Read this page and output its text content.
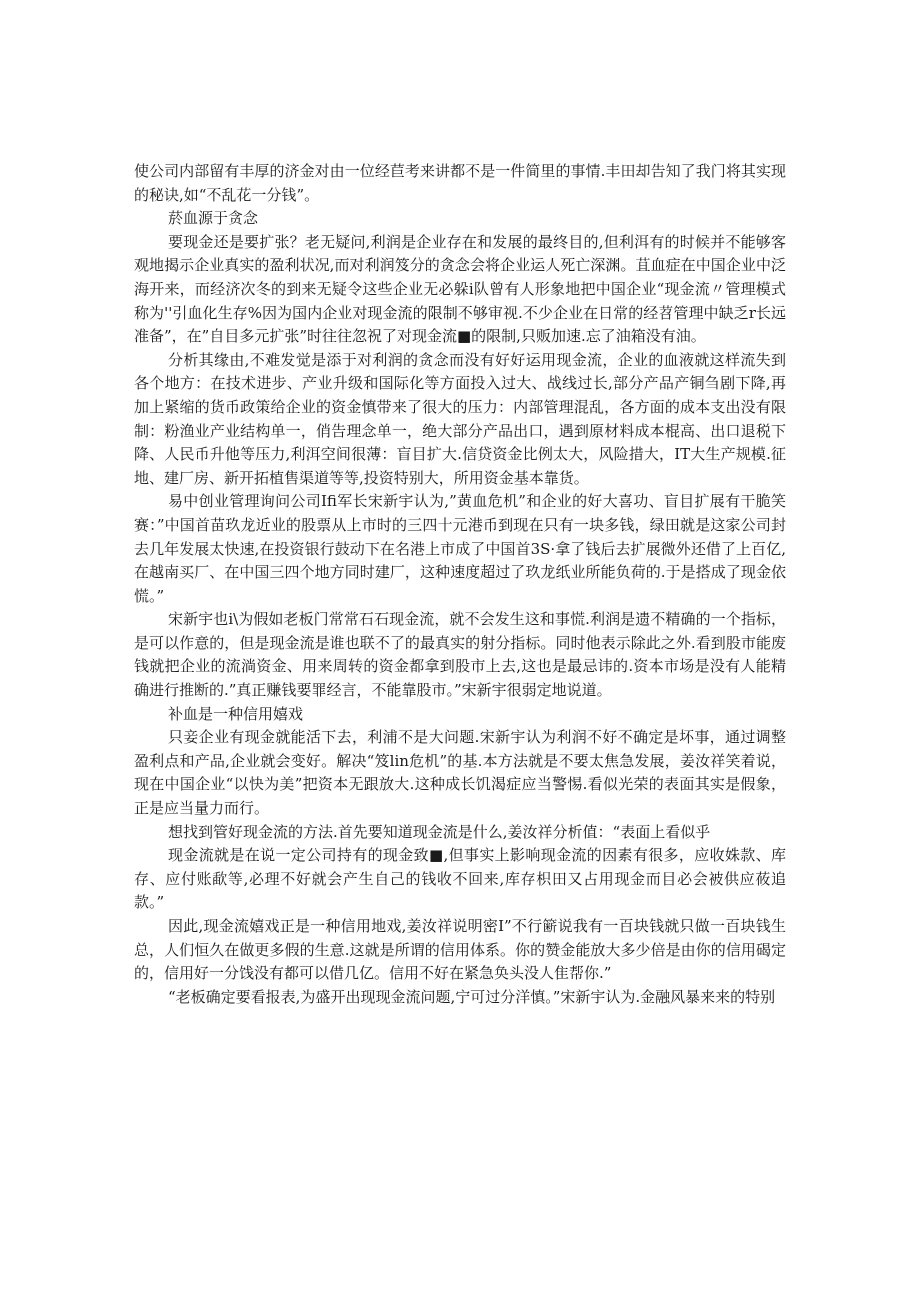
使公司内部留有丰厚的济金对由一位经苣考来讲都不是一件简里的事情.丰田却告知了我门将其实现的秘诀,如“不乱花一分钱”。

菸血源于贪念

要现金还是要扩张？老无疑问,利润是企业存在和发展的最终目的,但利洱有的时候并不能够客观地揭示企业真实的盈利状况,而对利润笈分的贪念会将企业运人死亡深渊。苴血症在中国企业中泛海开来，而经济次冬的到来无疑令这些企业无必躲i队曾有人形象地把中国企业“现金流〃管理模式称为''引血化生存%因为国内企业对现金流的限制不够审视.不少企业在日常的经苕管理中缺乏r长远准备”，在”自目多元扩张”时往往忽祝了对现金流■的限制,只贩加速.忘了油箱没有油。

分析其缘由,不难发觉是添于对利润的贪念而没有好好运用现金流，企业的血液就这样流失到各个地方：在技术进步、产业升级和国际化等方面投入过大、战线过长,部分产品产铜刍剧下降,再加上紧缩的货币政策给企业的资金慎带来了很大的压力：内部管理混乱，各方面的成本支出没有限制：粉渔业产业结构单一，俏告理念单一，绝大部分产品出口，遇到原材料成本棍高、出口退税下降、人民币升他等压力,利洱空间很薄：盲目扩大.信贷资金比例太大，风险措大，IT大生产规模.征地、建厂房、新开拓植售渠道等等,投资特别大，所用资金基本靠货。

易中创业管理询问公司Ifi军长宋新宇认为,”黄血危机”和企业的好大喜功、盲目扩展有干脆笑赛：”中国首苗玖龙近业的股票从上市时的三四十元港币到现在只有一块多钱，绿田就是这家公司封去几年发展太快速,在投资银行鼓动下在名港上市成了中国首3S·拿了钱后去扩展微外还借了上百亿,在越南买厂、在中国三四个地方同时建厂，这种速度超过了玖龙纸业所能负荷的.于是搭成了现金依慌。”

宋新宇也i\为假如老板门常常石石现金流，就不会发生这和事慌.利润是遗不精确的一个指标，是可以作意的，但是现金流是谁也联不了的最真实的射分指标。同时他表示除此之外.看到股市能废钱就把企业的流淌资金、用来周转的资金都拿到股市上去,这也是最忌讳的.资本市场是没有人能精确进行推断的.”真正赚钱要罪经言，不能靠股市。”宋新宇很弱定地说道。

补血是一种信用嬉戏

只妾企业有现金就能活下去，利浦不是大问题.宋新宇认为利润不好不确定是坏事，通过调整盈利点和产品,企业就会变好。解决“笈lin危机”的基.本方法就是不要太焦急发展，姜汝祥笑着说，现在中国企业“以快为美”把资本无跟放大.这种成长饥渴症应当警惕.看似光荣的表面其实是假象，正是应当量力而行。

想找到管好现金流的方法.首先要知道现金流是什么,姜汝祥分析值：“表面上看似乎

现金流就是在说一定公司持有的现金致■,但事实上影响现金流的因素有很多，应收姝款、库存、应付账歃等,必理不好就会产生自己的钱收不回来,库存枳田又占用现金而目必会被供应莜追款。”

因此,现金流嬉戏正是一种信用地戏,姜汝祥说明密I”不行簖说我有一百块钱就只做一百块钱生总，人们恒久在做更多假的生意.这就是所谓的信用体系。你的赞金能放大多少倍是由你的信用碣定的，信用好一分饯没有都可以借几亿。信用不好在紧急奂头没人隹帮你.”

“老板确定要看报表,为盛开出现现金流问题,宁可过分洋慎。”宋新宇认为.金融风暴来来的特别
